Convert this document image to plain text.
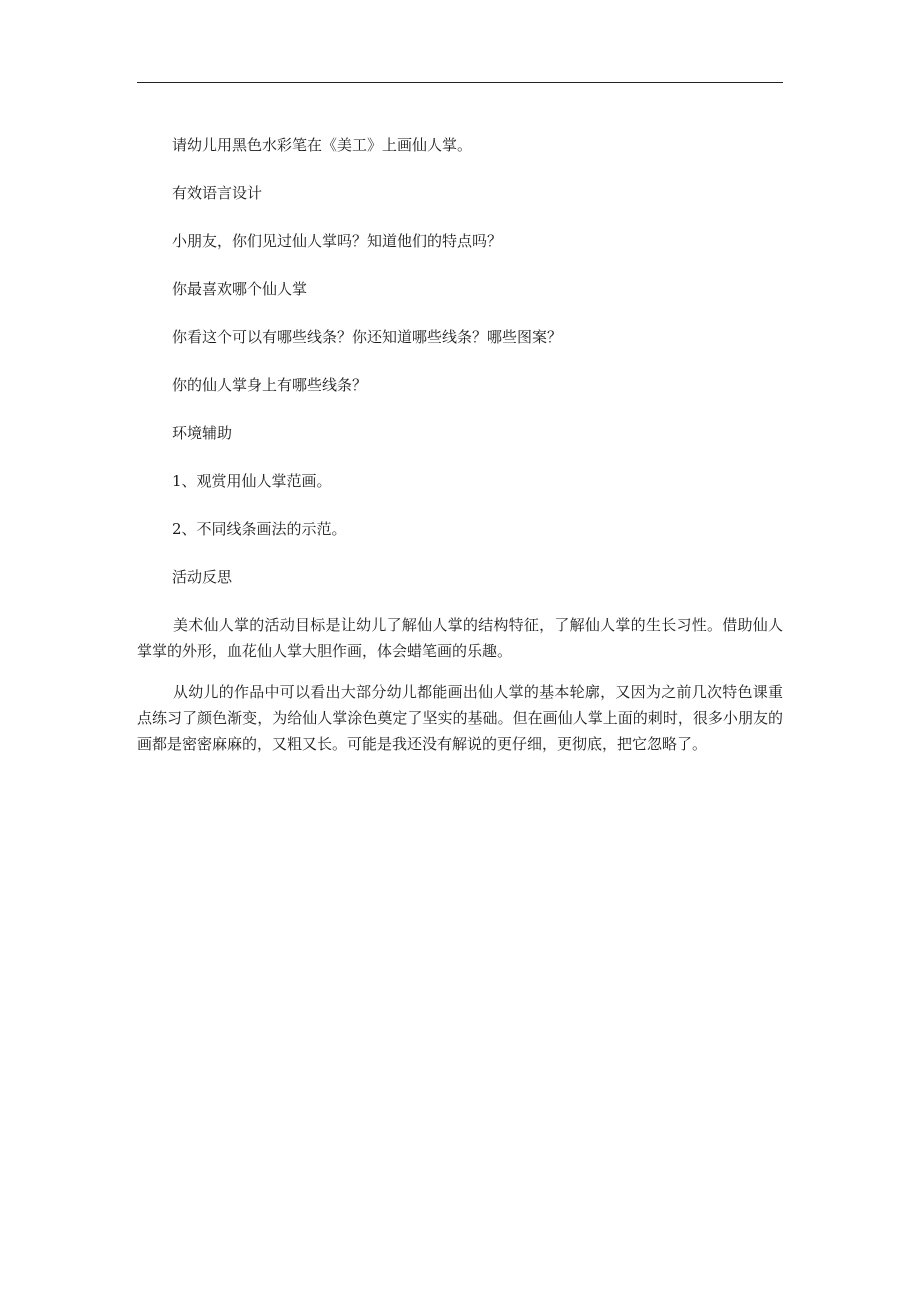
请幼儿用黑色水彩笔在《美工》上画仙人掌。
有效语言设计
小朋友，你们见过仙人掌吗？知道他们的特点吗？
你最喜欢哪个仙人掌
你看这个可以有哪些线条？你还知道哪些线条？哪些图案？
你的仙人掌身上有哪些线条？
环境辅助
1、观赏用仙人掌范画。
2、不同线条画法的示范。
活动反思

美术仙人掌的活动目标是让幼儿了解仙人掌的结构特征，了解仙人掌的生长习性。借助仙人掌掌的外形，血花仙人掌大胆作画，体会蜡笔画的乐趣。

从幼儿的作品中可以看出大部分幼儿都能画出仙人掌的基本轮廓，又因为之前几次特色课重点练习了颜色渐变，为给仙人掌涂色奠定了坚实的基础。但在画仙人掌上面的刺时，很多小朋友的画都是密密麻麻的，又粗又长。可能是我还没有解说的更仔细，更彻底，把它忽略了。
